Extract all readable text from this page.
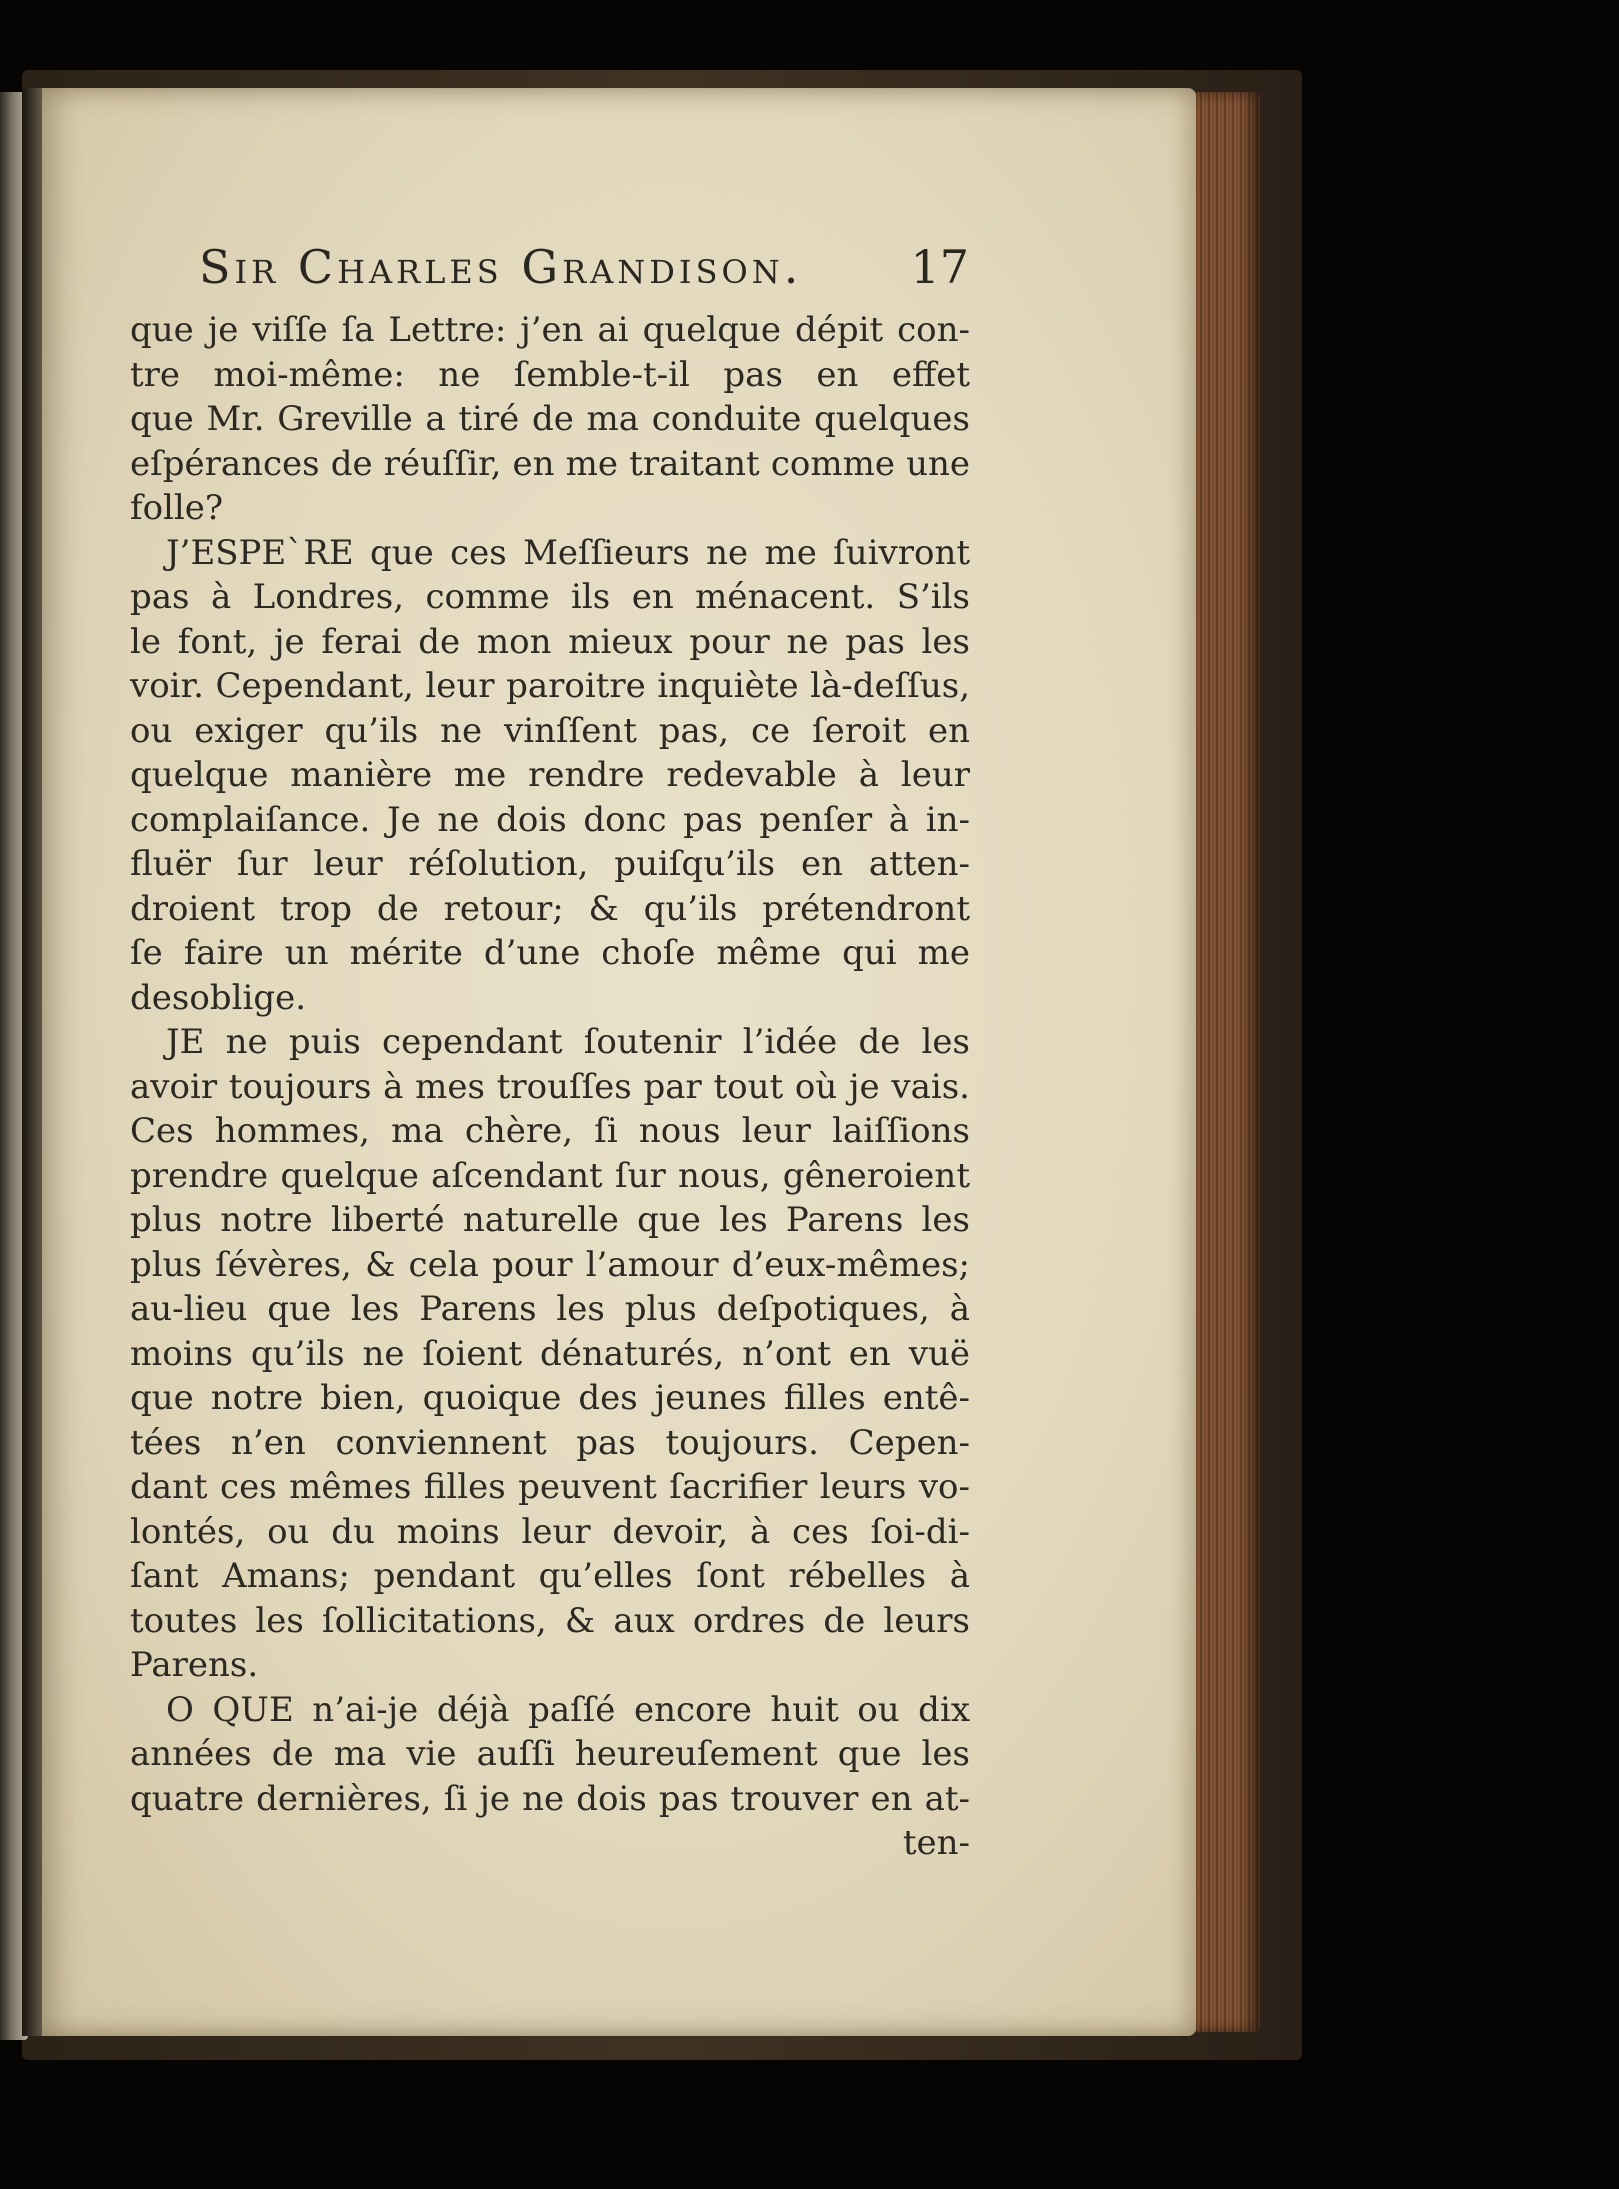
Sir Charles Grandison. 17
que je viſſe ſa Lettre: j’en ai quelque dépit con-
tre moi-même: ne ſemble-t-il pas en effet
que Mr. Greville a tiré de ma conduite quelques
eſpérances de réuſſir, en me traitant comme une
folle?
J’ESPE`RE que ces Meſſieurs ne me ſuivront
pas à Londres, comme ils en ménacent. S’ils
le font, je ferai de mon mieux pour ne pas les
voir. Cependant, leur paroitre inquiète là-deſſus,
ou exiger qu’ils ne vinſſent pas, ce ſeroit en
quelque manière me rendre redevable à leur
complaiſance. Je ne dois donc pas penſer à in-
fluër ſur leur réſolution, puiſqu’ils en atten-
droient trop de retour; & qu’ils prétendront
ſe faire un mérite d’une choſe même qui me
desoblige.
JE ne puis cependant ſoutenir l’idée de les
avoir toujours à mes trouſſes par tout où je vais.
Ces hommes, ma chère, ſi nous leur laiſſions
prendre quelque aſcendant ſur nous, gêneroient
plus notre liberté naturelle que les Parens les
plus ſévères, & cela pour l’amour d’eux-mêmes;
au-lieu que les Parens les plus deſpotiques, à
moins qu’ils ne ſoient dénaturés, n’ont en vuë
que notre bien, quoique des jeunes filles entê-
tées n’en conviennent pas toujours. Cepen-
dant ces mêmes filles peuvent ſacrifier leurs vo-
lontés, ou du moins leur devoir, à ces ſoi-di-
ſant Amans; pendant qu’elles ſont rébelles à
toutes les ſollicitations, & aux ordres de leurs
Parens.
O QUE n’ai-je déjà paſſé encore huit ou dix
années de ma vie auſſi heureuſement que les
quatre dernières, ſi je ne dois pas trouver en at-
ten-
